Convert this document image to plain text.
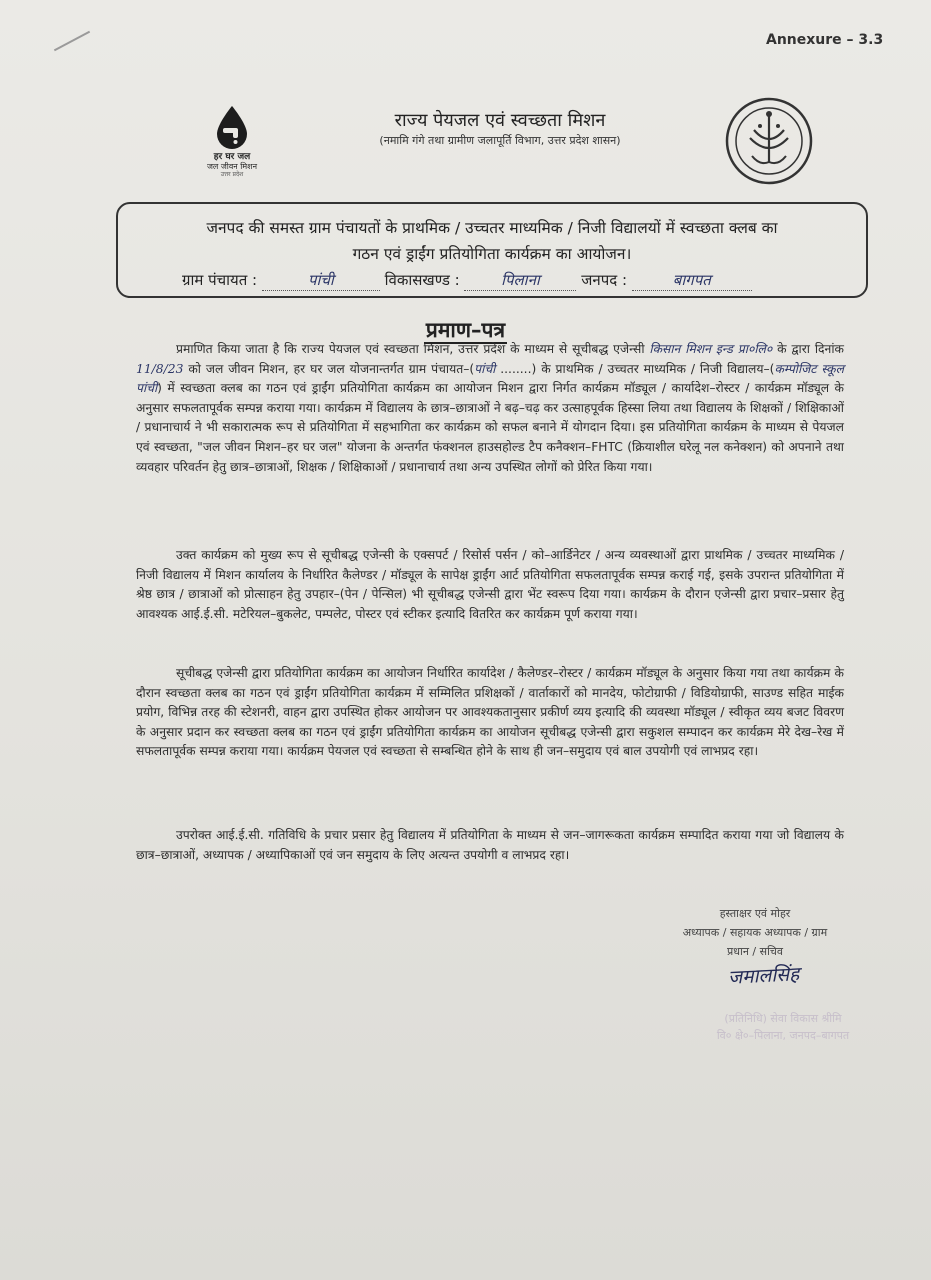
Annexure – 3.3
हर घर जल
जल जीवन मिशन
उत्तर प्रदेश
राज्य पेयजल एवं स्वच्छता मिशन
(नमामि गंगे तथा ग्रामीण जलापूर्ति विभाग, उत्तर प्रदेश शासन)
जनपद की समस्त ग्राम पंचायतों के प्राथमिक / उच्चतर माध्यमिक / निजी विद्यालयों में स्वच्छता क्लब का
गठन एवं ड्राईंग प्रतियोगिता कार्यक्रम का आयोजन।
ग्राम पंचायत :	पांची	विकासखण्ड :	पिलाना	जनपद :	बागपत
प्रमाण–पत्र
प्रमाणित किया जाता है कि राज्य पेयजल एवं स्वच्छता मिशन, उत्तर प्रदेश के माध्यम से सूचीबद्ध एजेन्सी किसान मिशन इन्ड प्रा०लि० के द्वारा दिनांक 11/8/23 को जल जीवन मिशन, हर घर जल योजनान्तर्गत ग्राम पंचायत–(पांची ........) के प्राथमिक / उच्चतर माध्यमिक / निजी विद्यालय–(कम्पोजिट स्कूल पांची) में स्वच्छता क्लब का गठन एवं ड्राईंग प्रतियोगिता कार्यक्रम का आयोजन मिशन द्वारा निर्गत कार्यक्रम मॉड्यूल / कार्यादेश–रोस्टर / कार्यक्रम मॉड्यूल के अनुसार सफलतापूर्वक सम्पन्न कराया गया। कार्यक्रम में विद्यालय के छात्र–छात्राओं ने बढ़–चढ़ कर उत्साहपूर्वक हिस्सा लिया तथा विद्यालय के शिक्षकों / शिक्षिकाओं / प्रधानाचार्य ने भी सकारात्मक रूप से प्रतियोगिता में सहभागिता कर कार्यक्रम को सफल बनाने में योगदान दिया। इस प्रतियोगिता कार्यक्रम के माध्यम से पेयजल एवं स्वच्छता, "जल जीवन मिशन–हर घर जल" योजना के अन्तर्गत फंक्शनल हाउसहोल्ड टैप कनैक्शन–FHTC (क्रियाशील घरेलू नल कनेक्शन) को अपनाने तथा व्यवहार परिवर्तन हेतु छात्र–छात्राओं, शिक्षक / शिक्षिकाओं / प्रधानाचार्य तथा अन्य उपस्थित लोगों को प्रेरित किया गया।
उक्त कार्यक्रम को मुख्य रूप से सूचीबद्ध एजेन्सी के एक्सपर्ट / रिसोर्स पर्सन / को–आर्डिनेटर / अन्य व्यवस्थाओं द्वारा प्राथमिक / उच्चतर माध्यमिक / निजी विद्यालय में मिशन कार्यालय के निर्धारित कैलेण्डर / मॉड्यूल के सापेक्ष ड्राईंग आर्ट प्रतियोगिता सफलतापूर्वक सम्पन्न कराई गई, इसके उपरान्त प्रतियोगिता में श्रेष्ठ छात्र / छात्राओं को प्रोत्साहन हेतु उपहार–(पेन / पेन्सिल) भी सूचीबद्ध एजेन्सी द्वारा भेंट स्वरूप दिया गया। कार्यक्रम के दौरान एजेन्सी द्वारा प्रचार–प्रसार हेतु आवश्यक आई.ई.सी. मटेरियल–बुकलेट, पम्पलेट, पोस्टर एवं स्टीकर इत्यादि वितरित कर कार्यक्रम पूर्ण कराया गया।
सूचीबद्ध एजेन्सी द्वारा प्रतियोगिता कार्यक्रम का आयोजन निर्धारित कार्यादेश / कैलेण्डर–रोस्टर / कार्यक्रम मॉड्यूल के अनुसार किया गया तथा कार्यक्रम के दौरान स्वच्छता क्लब का गठन एवं ड्राईंग प्रतियोगिता कार्यक्रम में सम्मिलित प्रशिक्षकों / वार्ताकारों को मानदेय, फोटोग्राफी / विडियोग्राफी, साउण्ड सहित माईक प्रयोग, विभिन्न तरह की स्टेशनरी, वाहन द्वारा उपस्थित होकर आयोजन पर आवश्यकतानुसार प्रकीर्ण व्यय इत्यादि की व्यवस्था मॉड्यूल / स्वीकृत व्यय बजट विवरण के अनुसार प्रदान कर स्वच्छता क्लब का गठन एवं ड्राईंग प्रतियोगिता कार्यक्रम का आयोजन सूचीबद्ध एजेन्सी द्वारा सकुशल सम्पादन कर कार्यक्रम मेरे देख–रेख में सफलतापूर्वक सम्पन्न कराया गया। कार्यक्रम पेयजल एवं स्वच्छता से सम्बन्धित होने के साथ ही जन–समुदाय एवं बाल उपयोगी एवं लाभप्रद रहा।
उपरोक्त आई.ई.सी. गतिविधि के प्रचार प्रसार हेतु विद्यालय में प्रतियोगिता के माध्यम से जन–जागरूकता कार्यक्रम सम्पादित कराया गया जो विद्यालय के छात्र–छात्राओं, अध्यापक / अध्यापिकाओं एवं जन समुदाय के लिए अत्यन्त उपयोगी व लाभप्रद रहा।
हस्ताक्षर एवं मोहर
अध्यापक / सहायक अध्यापक / ग्राम
प्रधान / सचिव
जमालसिंह
(प्रतिनिधि) सेवा विकास श्रीमि
वि० क्षे०–पिलाना, जनपद–बागपत
